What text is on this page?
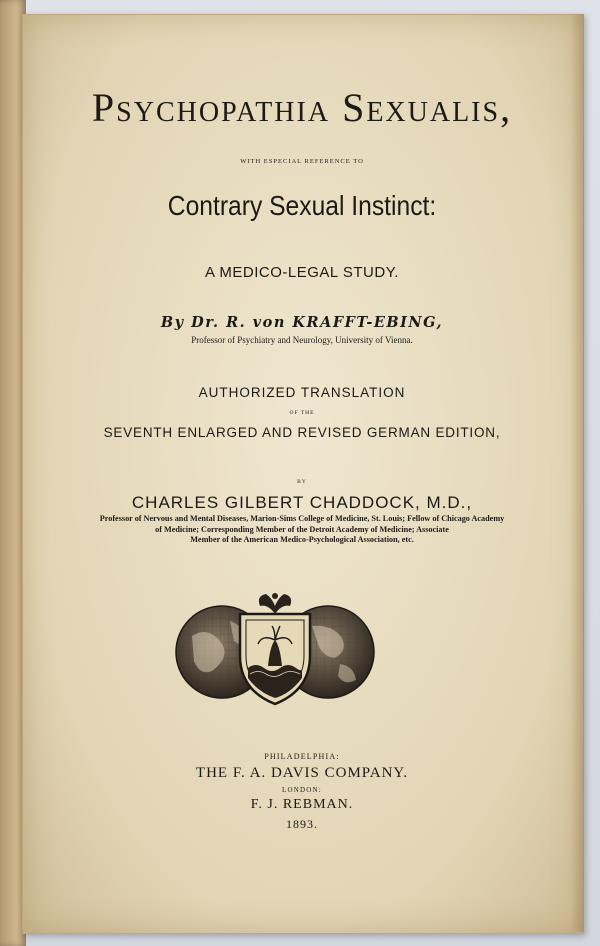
Psychopathia Sexualis,
WITH ESPECIAL REFERENCE TO
Contrary Sexual Instinct:
A MEDICO-LEGAL STUDY.
By Dr. R. von KRAFFT-EBING,
Professor of Psychiatry and Neurology, University of Vienna.
AUTHORIZED TRANSLATION
OF THE
SEVENTH ENLARGED AND REVISED GERMAN EDITION,
BY
CHARLES GILBERT CHADDOCK, M.D.,
Professor of Nervous and Mental Diseases, Marion-Sims College of Medicine, St. Louis; Fellow of Chicago Academy
of Medicine; Corresponding Member of the Detroit Academy of Medicine; Associate
Member of the American Medico-Psychological Association, etc.
PHILADELPHIA:
THE F. A. DAVIS COMPANY.
LONDON:
F. J. REBMAN.
1893.
